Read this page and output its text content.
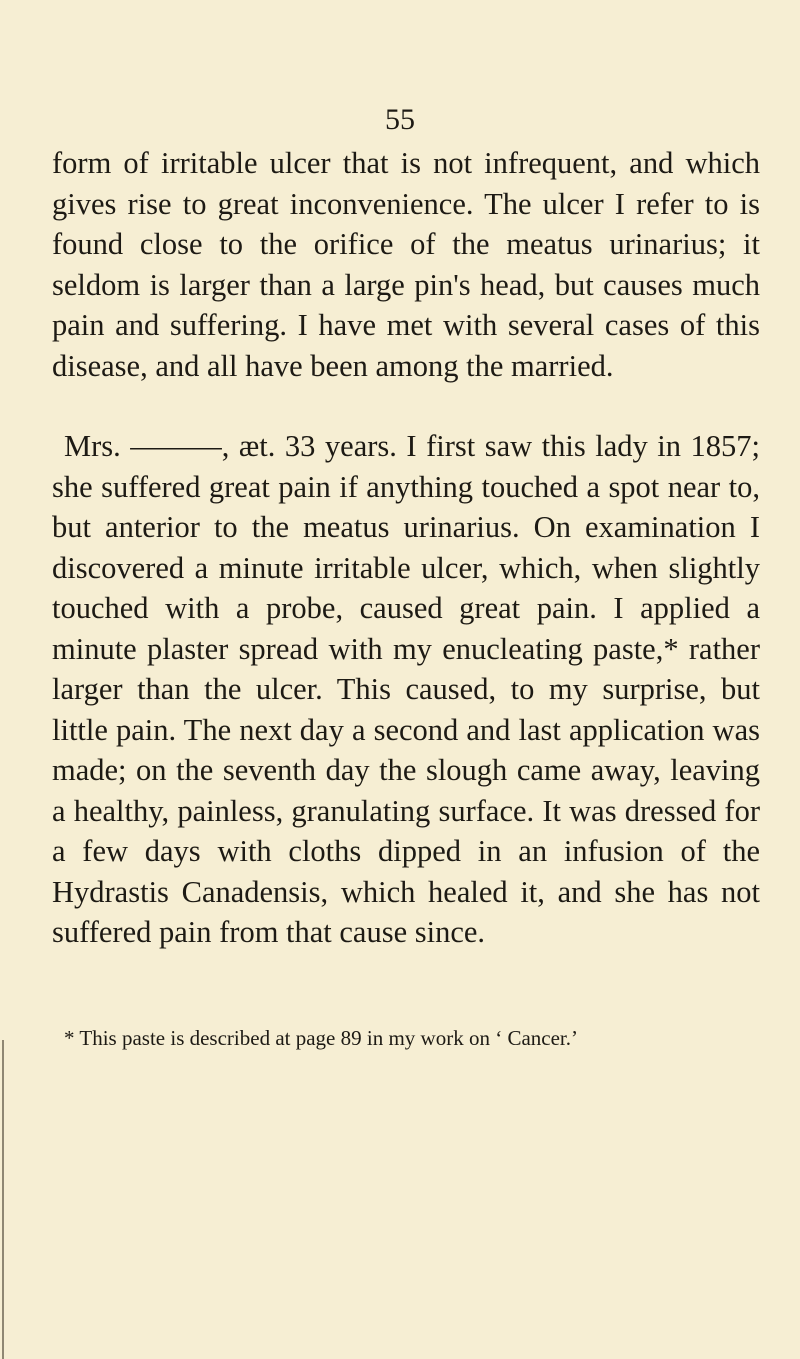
55

form of irritable ulcer that is not infrequent, and which gives rise to great inconvenience. The ulcer I refer to is found close to the orifice of the meatus urinarius; it seldom is larger than a large pin's head, but causes much pain and suffering. I have met with several cases of this disease, and all have been among the married.

Mrs. ———, æt. 33 years. I first saw this lady in 1857; she suffered great pain if anything touched a spot near to, but anterior to the meatus urinarius. On examination I discovered a minute irritable ulcer, which, when slightly touched with a probe, caused great pain. I applied a minute plaster spread with my enucleating paste,* rather larger than the ulcer. This caused, to my surprise, but little pain. The next day a second and last application was made; on the seventh day the slough came away, leaving a healthy, painless, granulating surface. It was dressed for a few days with cloths dipped in an infusion of the Hydrastis Canadensis, which healed it, and she has not suffered pain from that cause since.

* This paste is described at page 89 in my work on ‘ Cancer.’
